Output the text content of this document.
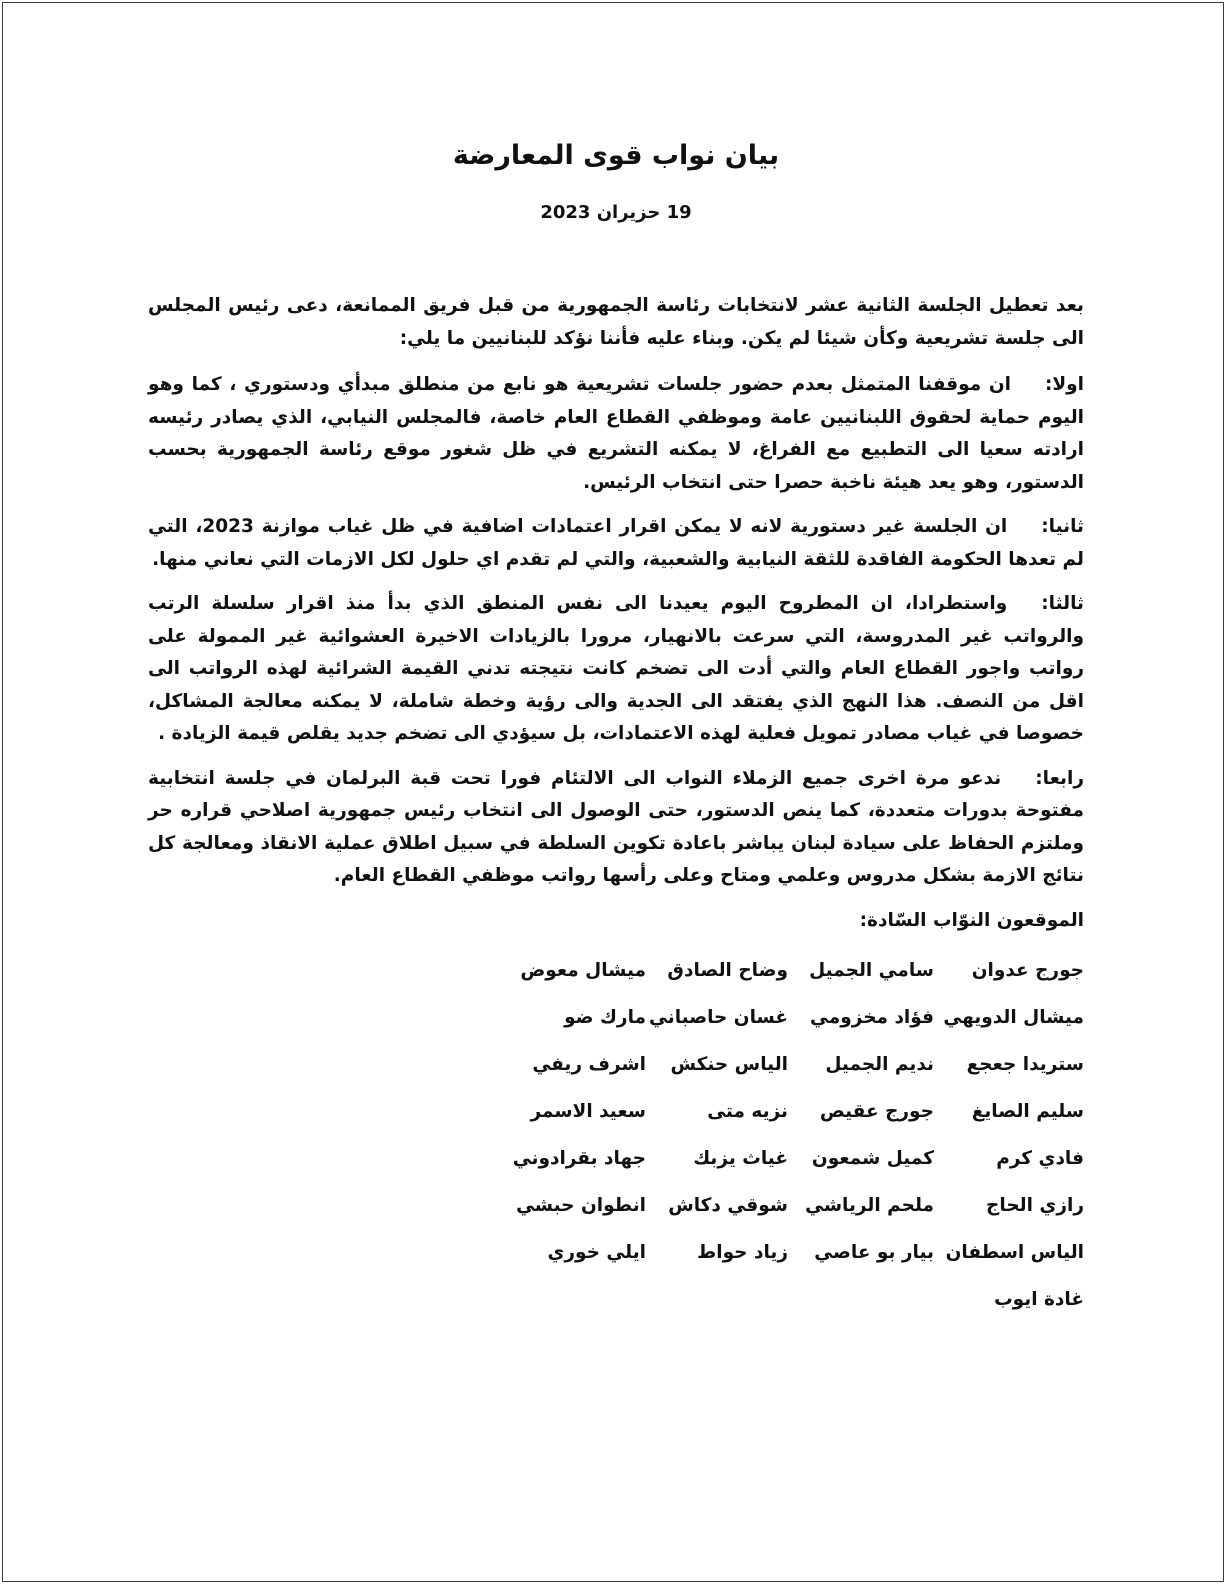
بيان نواب قوى المعارضة
19 حزيران 2023

بعد تعطيل الجلسة الثانية عشر لانتخابات رئاسة الجمهورية من قبل فريق الممانعة، دعى رئيس المجلس الى جلسة تشريعية وكأن شيئا لم يكن. وبناء عليه فأننا نؤكد للبنانيين ما يلي:

اولا:ان موقفنا المتمثل بعدم حضور جلسات تشريعية هو نابع من منطلق مبدأي ودستوري ، كما وهو اليوم حماية لحقوق اللبنانيين عامة وموظفي القطاع العام خاصة، فالمجلس النيابي، الذي يصادر رئيسه ارادته سعيا الى التطبيع مع الفراغ، لا يمكنه التشريع في ظل شغور موقع رئاسة الجمهورية بحسب الدستور، وهو يعد هيئة ناخبة حصرا حتى انتخاب الرئيس.

ثانيا:ان الجلسة غير دستورية لانه لا يمكن اقرار اعتمادات اضافية في ظل غياب موازنة 2023، التي لم تعدها الحكومة الفاقدة للثقة النيابية والشعبية، والتي لم تقدم اي حلول لكل الازمات التي نعاني منها.

ثالثا:واستطرادا، ان المطروح اليوم يعيدنا الى نفس المنطق الذي بدأ منذ اقرار سلسلة الرتب والرواتب غير المدروسة، التي سرعت بالانهيار، مرورا بالزيادات الاخيرة العشوائية غير الممولة على رواتب واجور القطاع العام والتي أدت الى تضخم كانت نتيجته تدني القيمة الشرائية لهذه الرواتب الى اقل من النصف. هذا النهج الذي يفتقد الى الجدية والى رؤية وخطة شاملة، لا يمكنه معالجة المشاكل، خصوصا في غياب مصادر تمويل فعلية لهذه الاعتمادات، بل سيؤدي الى تضخم جديد يقلص قيمة الزيادة .

رابعا:ندعو مرة اخرى جميع الزملاء النواب الى الالتئام فورا تحت قبة البرلمان في جلسة انتخابية مفتوحة بدورات متعددة، كما ينص الدستور، حتى الوصول الى انتخاب رئيس جمهورية اصلاحي قراره حر وملتزم الحفاظ على سيادة لبنان يباشر باعادة تكوين السلطة في سبيل اطلاق عملية الانقاذ ومعالجة كل نتائج الازمة بشكل مدروس وعلمي ومتاح وعلى رأسها رواتب موظفي القطاع العام.

الموقعون النوّاب السّادة:

جورج عدوان
سامي الجميل
وضاح الصادق
ميشال معوض
ميشال الدويهي
فؤاد مخزومي
غسان حاصباني
مارك ضو
ستريدا جعجع
نديم الجميل
الياس حنكش
اشرف ريفي
سليم الصايغ
جورج عقيص
نزيه متى
سعيد الاسمر
فادي كرم
كميل شمعون
غياث يزبك
جهاد بقرادوني
رازي الحاج
ملحم الرياشي
شوقي دكاش
انطوان حبشي
الياس اسطفان
بيار بو عاصي
زياد حواط
ايلي خوري
غادة ايوب
